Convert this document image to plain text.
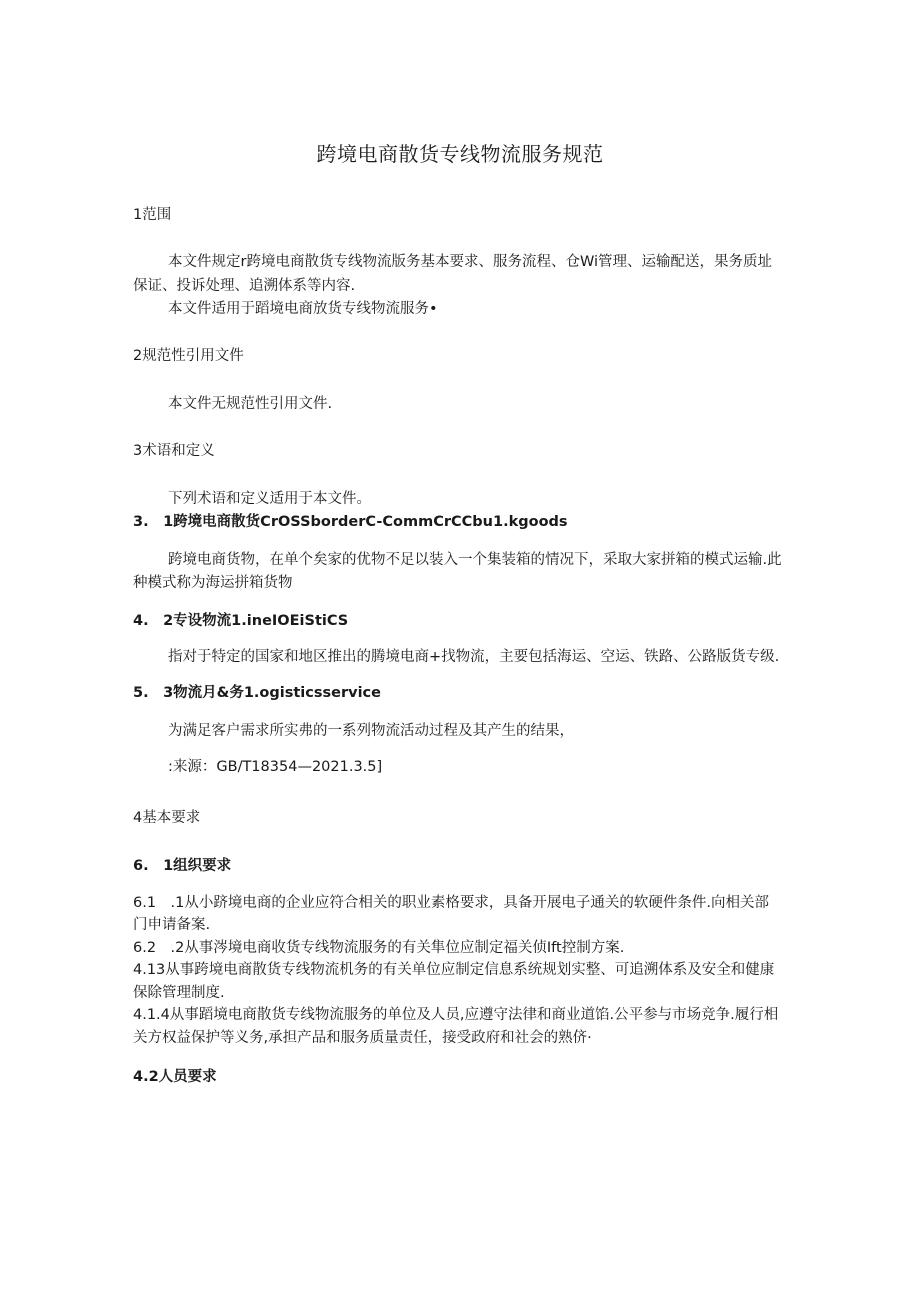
跨境电商散货专线物流服务规范
1范围
本文件规定r跨境电商散货专线物流版务基本要求、服务流程、仓Wi管理、运输配送，果务质址
保证、投诉处理、追溯体系等内容.
本文件适用于蹈境电商放货专线物流服务•
2规范性引用文件
本文件无规范性引用文件.
3术语和定义
下列术语和定义适用于本文件。
3.　1跨境电商散货CrOSSborderC-CommCrCCbu1.kgoods
跨境电商货物，在单个矣家的优物不足以装入一个集装箱的情况下，采取大家拼箱的模式运输.此
种模式称为海运拼箱货物
4.　2专设物流1.ineIOEiStiCS
指对于特定的国家和地区推出的腾境电商+找物流，主要包括海运、空运、铁路、公路版货专级.
5.　3物流月&务1.ogisticsservice
为满足客户需求所实弗的一系列物流活动过程及其产生的结果，
:来源：GB/T18354—2021.3.5]
4基本要求
6.　1组织要求
6.1　.1从小跻境电商的企业应符合相关的职业素格要求，具备开展电子通关的软硬件条件.向相关部
门申请备案.
6.2　.2从事涔境电商收货专线物流服务的有关隼位应制定福关侦Ift控制方案.
4.13从事跨境电商散货专线物流机务的有关单位应制定信息系统规划实整、可追溯体系及安全和健康
保除管理制度.
4.1.4从事蹈境电商散货专线物流服务的单位及人员,应遵守法律和商业道馅.公平参与市场竞争.履行相
关方权益保护等义务,承担产品和服务质量责任，接受政府和社会的熟侪·
4.2人员要求
